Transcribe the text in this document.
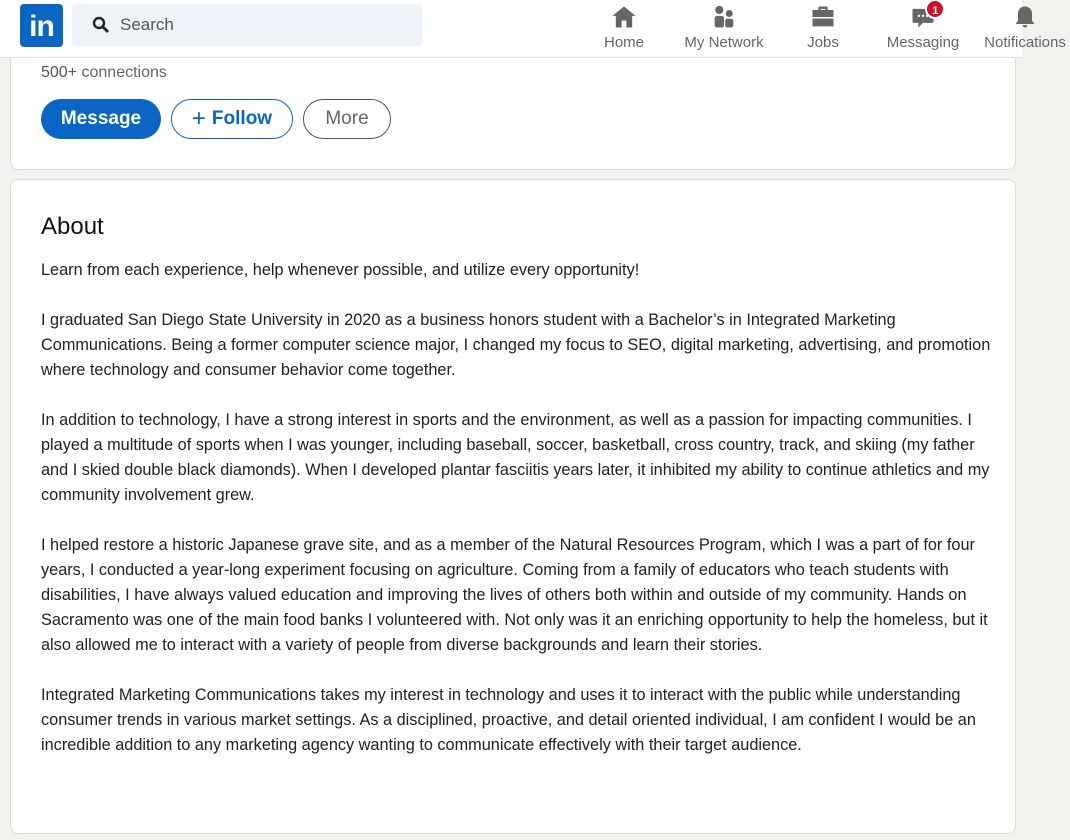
in	Search
Home	My Network	Jobs
1
Messaging Notifications
500+ connections
Message	+ Follow	More
About

Learn from each experience, help whenever possible, and utilize every opportunity!

I graduated San Diego State University in 2020 as a business honors student with a Bachelor’s in Integrated Marketing Communications. Being a former computer science major, I changed my focus to SEO, digital marketing, advertising, and promotion where technology and consumer behavior come together.

In addition to technology, I have a strong interest in sports and the environment, as well as a passion for impacting communities. I played a multitude of sports when I was younger, including baseball, soccer, basketball, cross country, track, and skiing (my father and I skied double black diamonds). When I developed plantar fasciitis years later, it inhibited my ability to continue athletics and my community involvement grew.

I helped restore a historic Japanese grave site, and as a member of the Natural Resources Program, which I was a part of for four years, I conducted a year-long experiment focusing on agriculture. Coming from a family of educators who teach students with disabilities, I have always valued education and improving the lives of others both within and outside of my community. Hands on Sacramento was one of the main food banks I volunteered with. Not only was it an enriching opportunity to help the homeless, but it also allowed me to interact with a variety of people from diverse backgrounds and learn their stories.

Integrated Marketing Communications takes my interest in technology and uses it to interact with the public while understanding consumer trends in various market settings. As a disciplined, proactive, and detail oriented individual, I am confident I would be an incredible addition to any marketing agency wanting to communicate effectively with their target audience.
